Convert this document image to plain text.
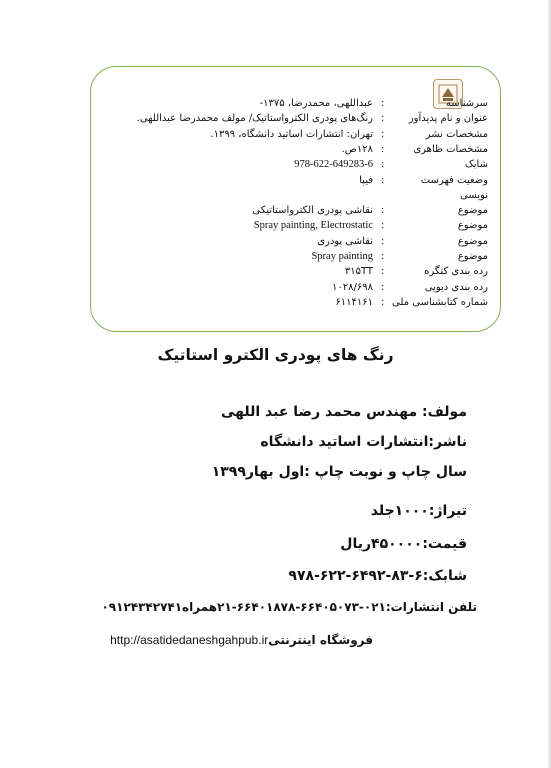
سرشناسه
:
عبداللهی، محمدرضا، ۱۳۷۵-
عنوان و نام پدیدآور
:
رنگ‌های پودری الکترواستاتیک/ مولف محمدرضا عبداللهی.
مشخصات نشر
:
تهران: انتشارات اساتید دانشگاه، ۱۳۹۹.
مشخصات ظاهری
:
۱۲۸ص.
شابک
:
978-622-649283-6
وضعیت فهرست
:
فیپا
نویسی
موضوع
:
نقاشی پودری الکترواستاتیکی
موضوع
:
Spray painting, Electrostatic
موضوع
:
نقاشی پودری
موضوع
:
Spray painting
رده بندی کنگره
:
۳۱۵TT
رده بندی دیویی
:
۱۰۲۸/۶۹۸
شماره کتابشناسی ملی
:
۶۱۱۴۱۶۱
رنگ های پودری الکترو استاتیک
مولف: مهندس محمد رضا عبد اللهی
ناشر:انتشارات اساتید دانشگاه
سال چاپ و نوبت چاپ :اول بهار۱۳۹۹
تیراژ:۱۰۰۰جلد
قیمت:۴۵۰۰۰۰ریال
شابک:۶-۸۳-۶۴۹۲-۶۲۲-۹۷۸
تلفن انتشارات:۰۲۱-۶۶۴۰۵۰۷۳-۶۶۴۰۱۸۷۸-۲۱همراه۰۹۱۲۴۳۴۲۷۴۱
فروشگاه اینترنتیhttp://asatidedaneshgahpub.ir
